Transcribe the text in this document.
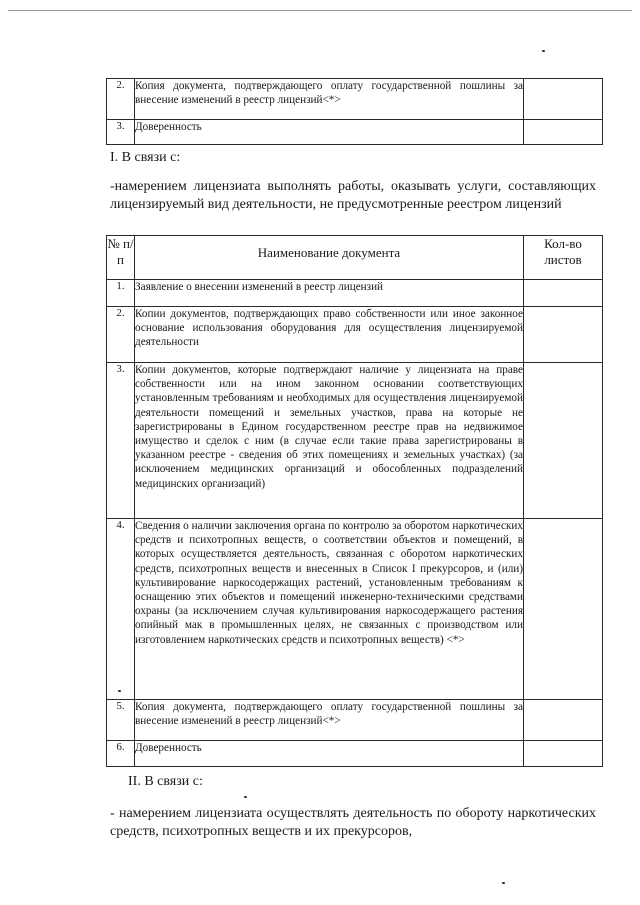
2.	Копия документа, подтверждающего оплату государственной пошлины за внесение изменений в реестр лицензий<*>	
3.	Доверенность	
I. В связи с:
-намерением лицензиата выполнять работы, оказывать услуги, составляющих лицензируемый вид деятельности, не предусмотренные реестром лицензий
№ п/п	Наименование документа	Кол-во листов
1.	Заявление о внесении изменений в реестр лицензий	
2.	Копии документов, подтверждающих право собственности или иное законное основание использования оборудования для осуществления лицензируемой деятельности	
3.	Копии документов, которые подтверждают наличие у лицензиата на праве собственности или на ином законном основании соответствующих установленным требованиям и необходимых для осуществления лицензируемой деятельности помещений и земельных участков, права на которые не зарегистрированы в Едином государственном реестре прав на недвижимое имущество и сделок с ним (в случае если такие права зарегистрированы в указанном реестре - сведения об этих помещениях и земельных участках) (за исключением медицинских организаций и обособленных подразделений медицинских организаций)	
4.	Сведения о наличии заключения органа по контролю за оборотом наркотических средств и психотропных веществ, о соответствии объектов и помещений, в которых осуществляется деятельность, связанная с оборотом наркотических средств, психотропных веществ и внесенных в Список I прекурсоров, и (или) культивирование наркосодержащих растений, установленным требованиям к оснащению этих объектов и помещений инженерно-техническими средствами охраны (за исключением случая культивирования наркосодержащего растения опийный мак в промышленных целях, не связанных с производством или изготовлением наркотических средств и психотропных веществ) <*>	
5.	Копия документа, подтверждающего оплату государственной пошлины за внесение изменений в реестр лицензий<*>	
6.	Доверенность	
II. В связи с:
- намерением лицензиата осуществлять деятельность по обороту наркотических средств, психотропных веществ и их прекурсоров,
